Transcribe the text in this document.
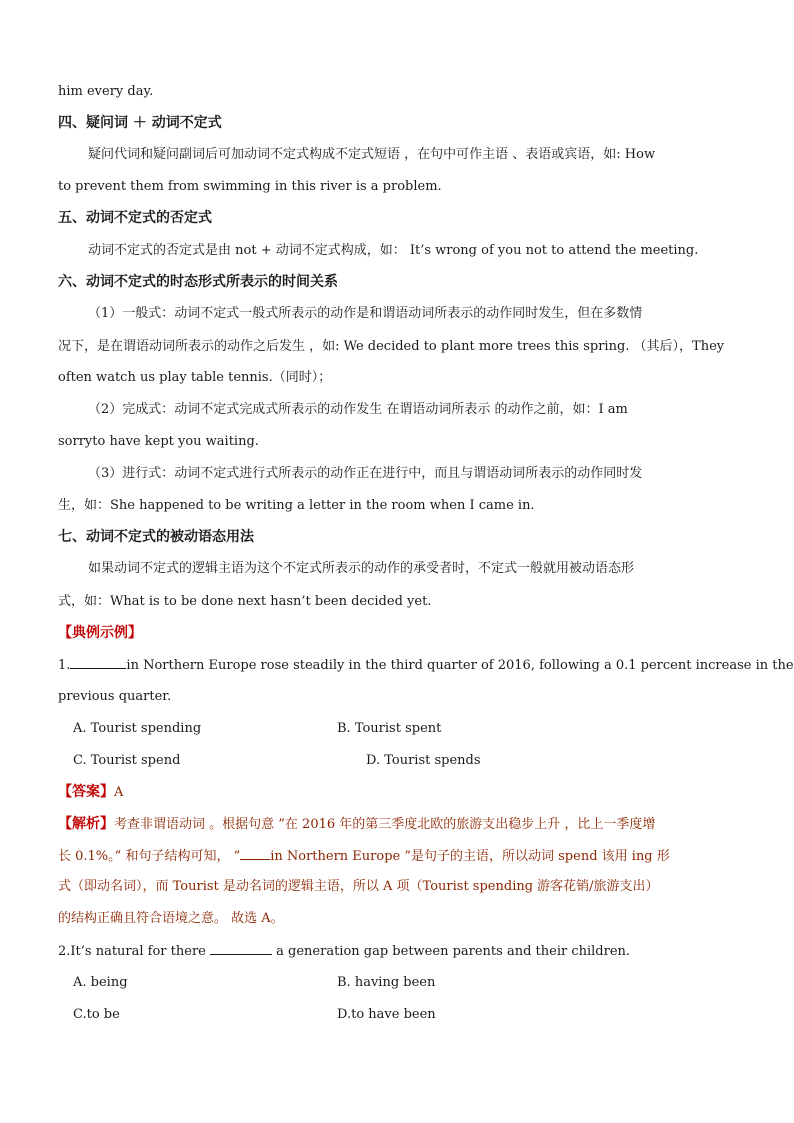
him every day.
四、疑问词 ＋ 动词不定式
疑问代词和疑问副词后可加动词不定式构成不定式短语 ，在句中可作主语 、表语或宾语，如: How
to prevent them from swimming in this river is a problem.
五、动词不定式的否定式
动词不定式的否定式是由 not + 动词不定式构成，如： It’s wrong of you not to attend the meeting.
六、动词不定式的时态形式所表示的时间关系
（1）一般式：动词不定式一般式所表示的动作是和谓语动词所表示的动作同时发生，但在多数情
况下，是在谓语动词所表示的动作之后发生 ，如: We decided to plant more trees this spring. （其后），They
often watch us play table tennis.（同时）；
（2）完成式：动词不定式完成式所表示的动作发生 在谓语动词所表示 的动作之前，如：I am
sorryto have kept you waiting.
（3）进行式：动词不定式进行式所表示的动作正在进行中，而且与谓语动词所表示的动作同时发
生，如：She happened to be writing a letter in the room when I came in.
七、动词不定式的被动语态用法
如果动词不定式的逻辑主语为这个不定式所表示的动作的承受者时，不定式一般就用被动语态形
式，如：What is to be done next hasn’t been decided yet.
【典例示例】
1.	in Northern Europe rose steadily in the third quarter of 2016, following a 0.1 percent increase in the
previous quarter.
A. Tourist spending	B. Tourist spent
C. Tourist spend	D. Tourist spends
【答案】A
【解析】考查非谓语动词 。根据句意 ”在 2016 年的第三季度北欧的旅游支出稳步上升 ，比上一季度增
长 0.1%。” 和句子结构可知， ” in Northern Europe ”是句子的主语，所以动词 spend 该用 ing 形
式（即动名词），而 Tourist 是动名词的逻辑主语，所以 A 项（Tourist spending 游客花销/旅游支出）
的结构正确且符合语境之意。 故选 A。
2.It’s natural for there	a generation gap between parents and their children.
A. being	B. having been
C.to be	D.to have been
